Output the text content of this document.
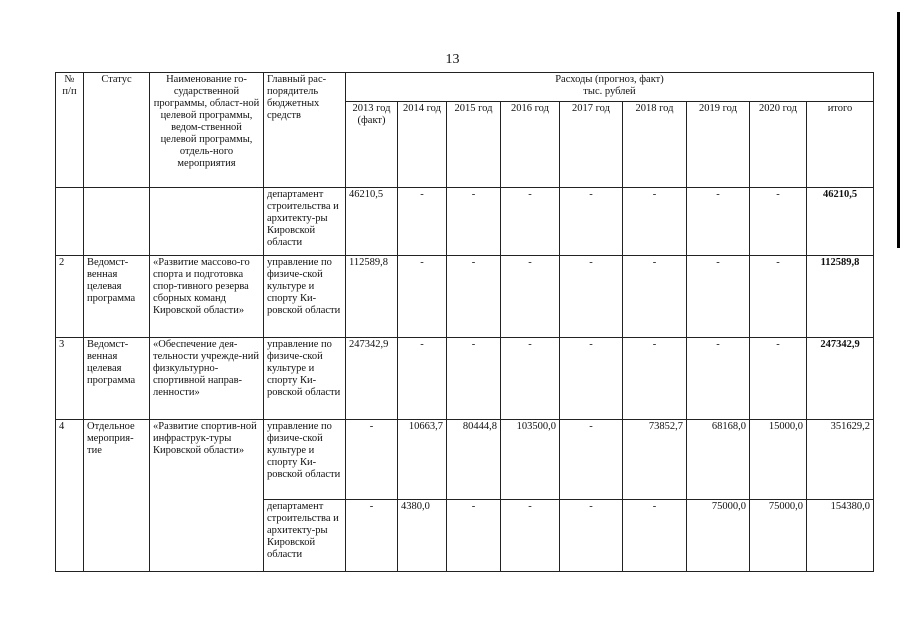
13
№ п/п	Статус	Наименование го-сударственной программы, област-ной целевой программы, ведом-ственной целевой программы, отдель-ного мероприятия	Главный рас-порядитель бюджетных средств	Расходы (прогноз, факт)
тыс. рублей								

				2013 год (факт)	2014 год	2015 год	2016 год	2017 год	2018 год	2019 год	2020 год	итого
			департамент строительства и архитекту-ры Кировской области	46210,5	-	-	-	-	-	-	-	46210,5
2	Ведомст-венная целевая программа	«Развитие массово-го спорта и подготовка спор-тивного резерва сборных команд Кировской области»	управление по физиче-ской культуре и спорту Ки-ровской области	112589,8	-	-	-	-	-	-	-	112589,8
3	Ведомст-венная целевая программа	«Обеспечение дея-тельности учрежде-ний физкультурно-спортивной направ-ленности»	управление по физиче-ской культуре и спорту Ки-ровской области	247342,9	-	-	-	-	-	-	-	247342,9
4	Отдельное мероприя-тие	«Развитие спортив-ной инфраструк-туры Кировской области»	управление по физиче-ской культуре и спорту Ки-ровской области	-	10663,7	80444,8	103500,0	-	73852,7	68168,0	15000,0	351629,2
			департамент строительства и архитекту-ры Кировской области	-	4380,0	-	-	-	-	75000,0	75000,0	154380,0
